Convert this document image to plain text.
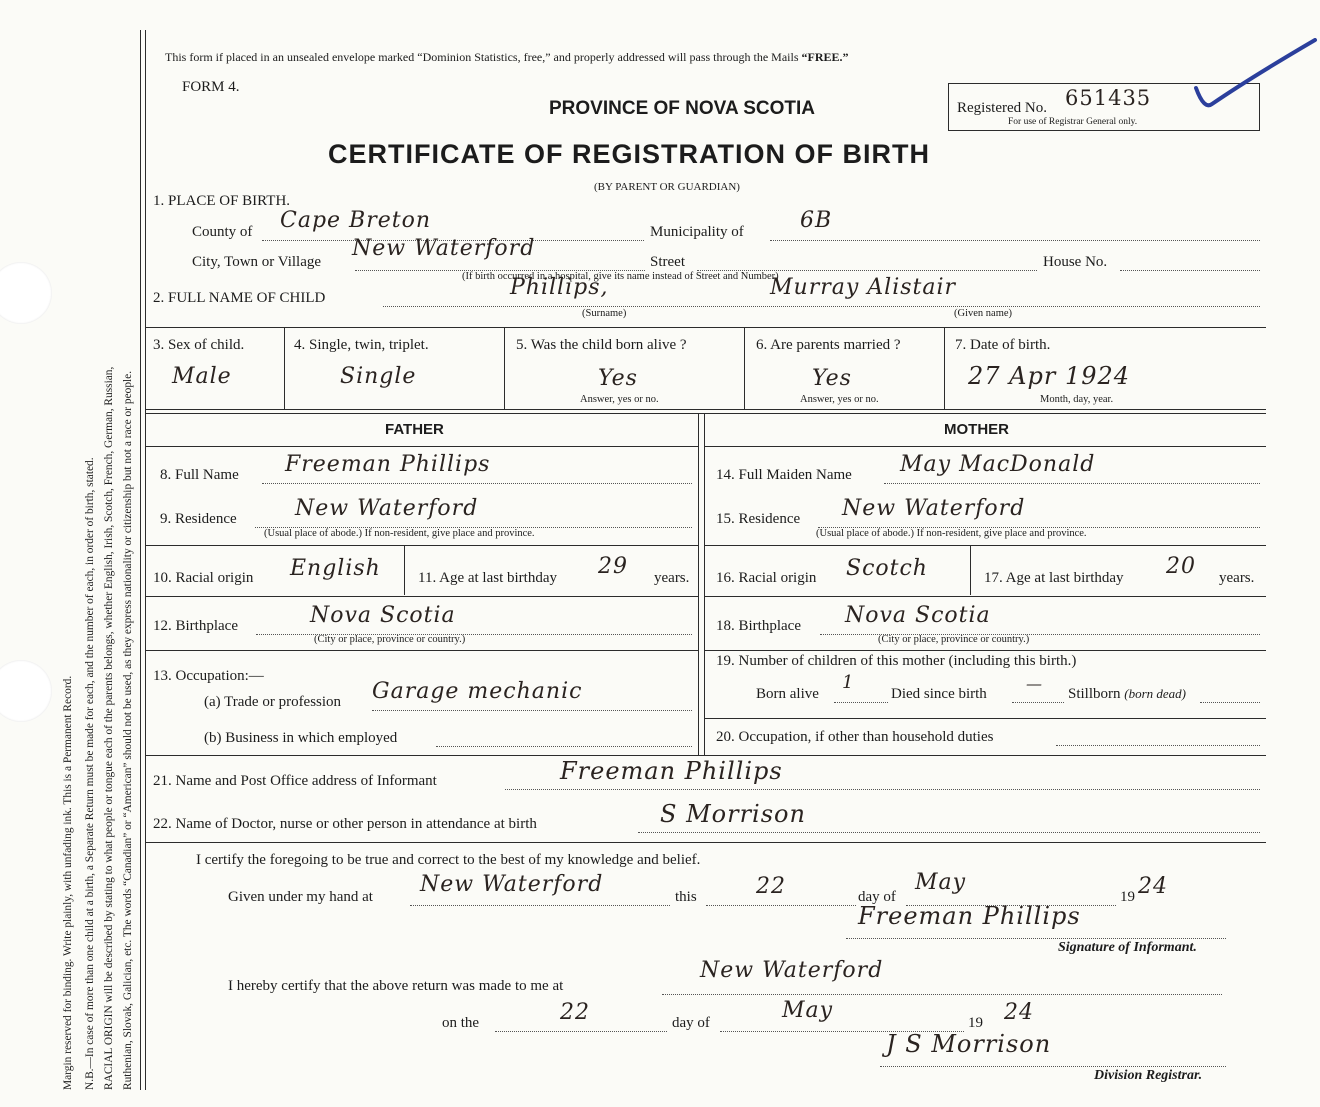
Margin reserved for binding. Write plainly, with unfading ink. This is a Permanent Record. N.B.—In case of more than one child at a birth, a Separate Return must be made for each, and the number of each, in order of birth, stated. RACIAL ORIGIN will be described by stating to what people or tongue each of the parents belongs, whether English, Irish, Scotch, French, German, Russian, Ruthenian, Slovak, Galician, etc. The words “Canadian” or “American” should not be used, as they express nationality or citizenship but not a race or people.
This form if placed in an unsealed envelope marked “Dominion Statistics, free,” and properly addressed will pass through the Mails “FREE.”
FORM 4.
PROVINCE OF NOVA SCOTIA
CERTIFICATE OF REGISTRATION OF BIRTH
(BY PARENT OR GUARDIAN)
Registered No. 651435
For use of Registrar General only.
1. PLACE OF BIRTH.
County of Cape Breton	Municipality of	6B
City, Town or Village
New Waterford
Street	House No.
(If birth occurred in a hospital, give its name instead of Street and Number)
2. FULL NAME OF CHILD	Phillips,	Murray Alistair
(Surname)	(Given name)
3. Sex of child.
Male
4. Single, twin, triplet.
Single
5. Was the child born alive ?
Yes
Answer, yes or no.
6. Are parents married ?
Yes
Answer, yes or no.
7. Date of birth.
27 Apr 1924
Month, day, year.
FATHER	MOTHER
8. Full Name Freeman Phillips
9. Residence	New Waterford
(Usual place of abode.) If non-resident, give place and province.
10. Racial origin English 11. Age at last birthday 29 years.
12. Birthplace	Nova Scotia
(City or place, province or country.)
13. Occupation:—
(a) Trade or profession Garage mechanic
(b) Business in which employed
14. Full Maiden Name May MacDonald
15. Residence New Waterford
(Usual place of abode.) If non-resident, give place and province.
16. Racial origin Scotch	17. Age at last birthday 20 years.
18. Birthplace Nova Scotia
(City or place, province or country.)
19. Number of children of this mother (including this birth.)
Born alive
1
Died since birth
—
Stillborn (born dead)
20. Occupation, if other than household duties
21. Name and Post Office address of Informant	Freeman Phillips
22. Name of Doctor, nurse or other person in attendance at birth	S Morrison
I certify the foregoing to be true and correct to the best of my knowledge and belief.
Given under my hand at New Waterford	this	22	day of
May
19 24
Freeman Phillips
Signature of Informant.
I hereby certify that the above return was made to me at
New Waterford
on the	22	day of	May	19 24
J S Morrison
Division Registrar.
